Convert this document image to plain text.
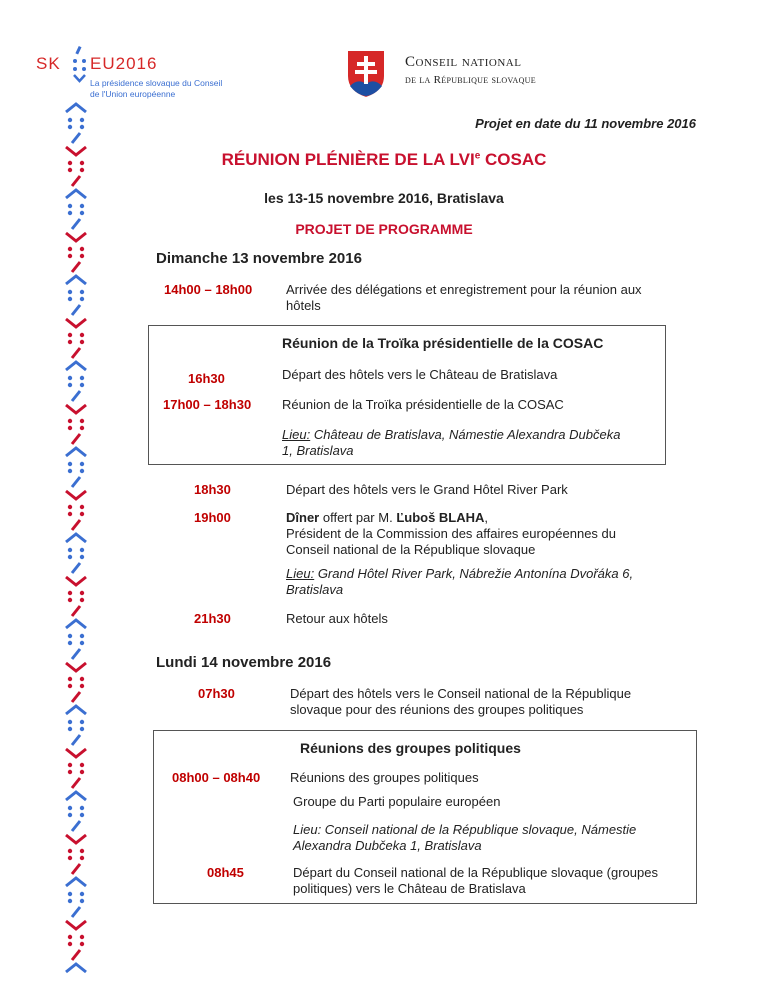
SK EU2016
La présidence slovaque du Conseil
de l'Union européenne
Conseil national
de la République slovaque
Projet en date du 11 novembre 2016
RÉUNION PLÉNIÈRE DE LA LVIe COSAC
les 13-15 novembre 2016, Bratislava
PROJET DE PROGRAMME
Dimanche 13 novembre 2016
14h00 – 18h00	Arrivée des délégations et enregistrement pour la réunion aux
hôtels
Réunion de la Troïka présidentielle de la COSAC
16h30	Départ des hôtels vers le Château de Bratislava
17h00 – 18h30 Réunion de la Troïka présidentielle de la COSAC
Lieu: Château de Bratislava, Námestie Alexandra Dubčeka
1, Bratislava
18h30	Départ des hôtels vers le Grand Hôtel River Park
19h00	Dîner offert par M. Ľuboš BLAHA,
Président de la Commission des affaires européennes du
Conseil national de la République slovaque
Lieu: Grand Hôtel River Park, Nábrežie Antonína Dvořáka 6,
Bratislava
21h30	Retour aux hôtels
Lundi 14 novembre 2016
07h30	Départ des hôtels vers le Conseil national de la République
slovaque pour des réunions des groupes politiques
Réunions des groupes politiques
08h00 – 08h40 Réunions des groupes politiques
Groupe du Parti populaire européen
Lieu: Conseil national de la République slovaque, Námestie
Alexandra Dubčeka 1, Bratislava
08h45	Départ du Conseil national de la République slovaque (groupes
politiques) vers le Château de Bratislava
